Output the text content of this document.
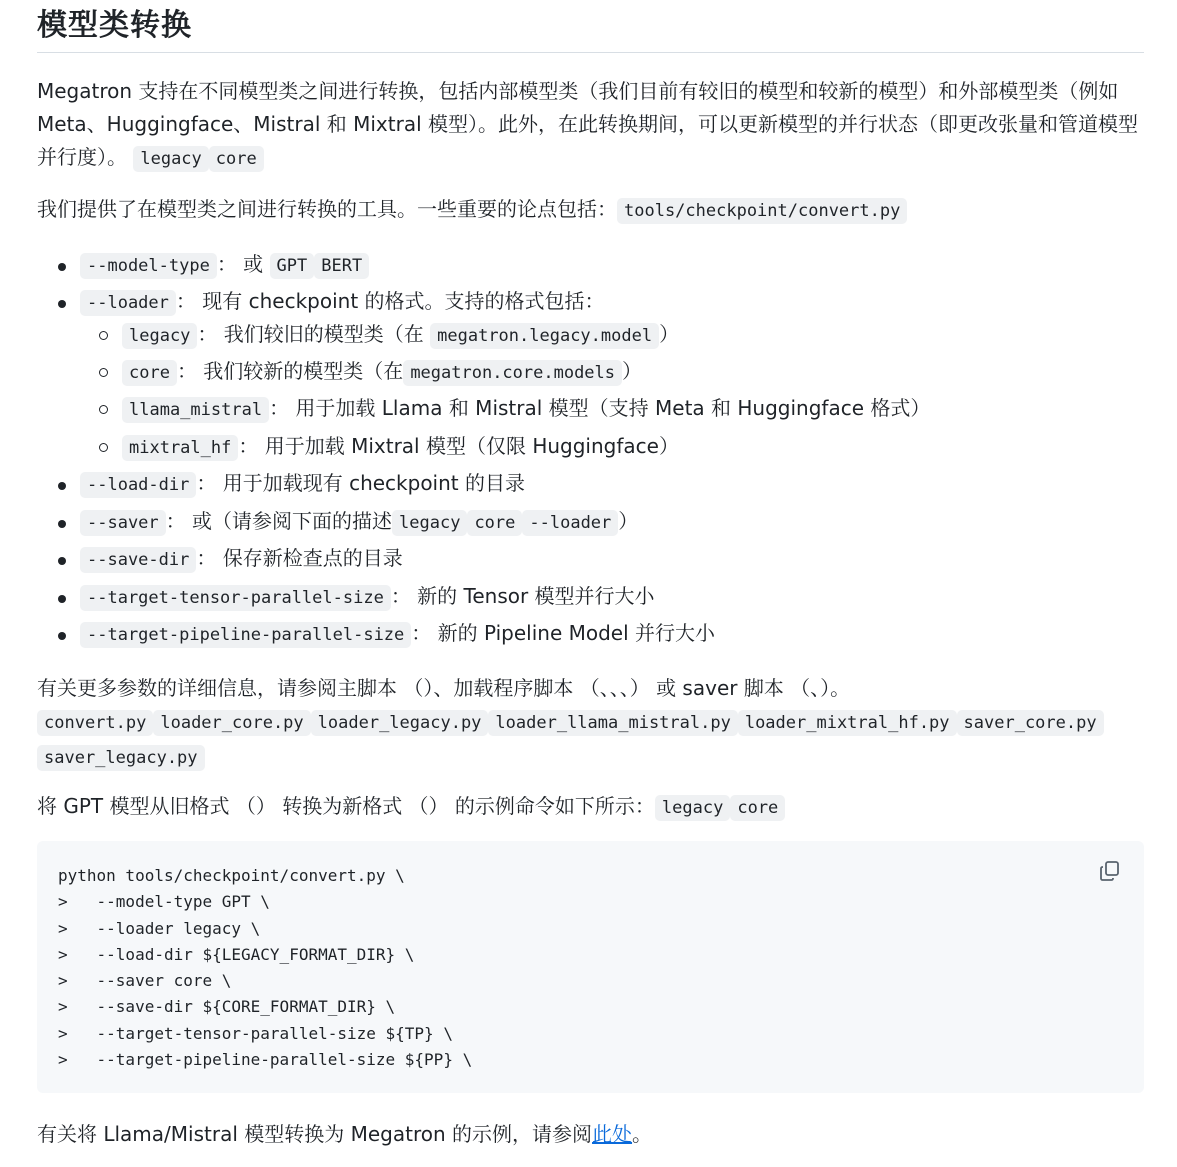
模型类转换

Megatron 支持在不同模型类之间进行转换，包括内部模型类（我们目前有较旧的模型和较新的模型）和外部模型类（例如 Meta、Huggingface、Mistral 和 Mixtral 模型）。此外，在此转换期间，可以更新模型的并行状态（即更改张量和管道模型并行度）。 legacy core

我们提供了在模型类之间进行转换的工具。一些重要的论点包括： tools/checkpoint/convert.py

--model-type ： 或 GPT BERT
--loader ： 现有 checkpoint 的格式。支持的格式包括：
legacy ： 我们较旧的模型类（在 megatron.legacy.model ）
core ： 我们较新的模型类（在 megatron.core.models ）
llama_mistral ： 用于加载 Llama 和 Mistral 模型（支持 Meta 和 Huggingface 格式）
mixtral_hf ： 用于加载 Mixtral 模型（仅限 Huggingface）
--load-dir ： 用于加载现有 checkpoint 的目录
--saver ： 或（请参阅下面的描述 legacy core --loader ）
--save-dir ： 保存新检查点的目录
--target-tensor-parallel-size ： 新的 Tensor 模型并行大小
--target-pipeline-parallel-size ： 新的 Pipeline Model 并行大小

有关更多参数的详细信息，请参阅主脚本 （）、加载程序脚本 （、、、） 或 saver 脚本 （、）。

convert.py loader_core.py loader_legacy.py loader_llama_mistral.py loader_mixtral_hf.py saver_core.py
saver_legacy.py

将 GPT 模型从旧格式 （） 转换为新格式 （） 的示例命令如下所示： legacy core

python tools/checkpoint/convert.py \
>   --model-type GPT \
>   --loader legacy \
>   --load-dir ${LEGACY_FORMAT_DIR} \
>   --saver core \
>   --save-dir ${CORE_FORMAT_DIR} \
>   --target-tensor-parallel-size ${TP} \
>   --target-pipeline-parallel-size ${PP} \

有关将 Llama/Mistral 模型转换为 Megatron 的示例，请参阅此处。
